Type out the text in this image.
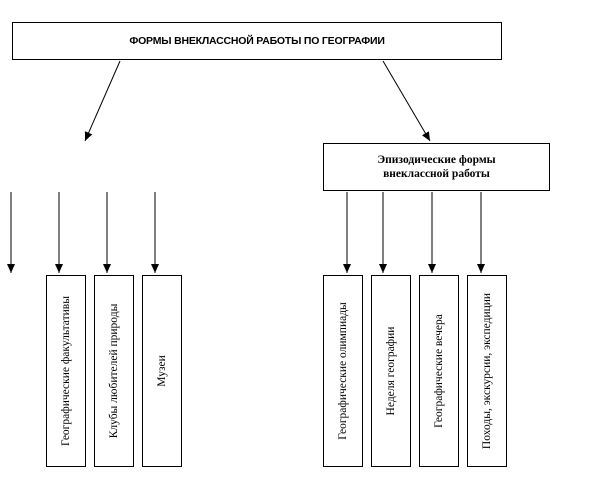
ФОРМЫ ВНЕКЛАССНОЙ РАБОТЫ ПО ГЕОГРАФИИ
Эпизодические формы
внеклассной работы
Географические факультативы	Клубы любителей природы	Музеи	Географические олимпиады	Неделя географии	Географические вечера	Походы, экскурсии, экспедиции
